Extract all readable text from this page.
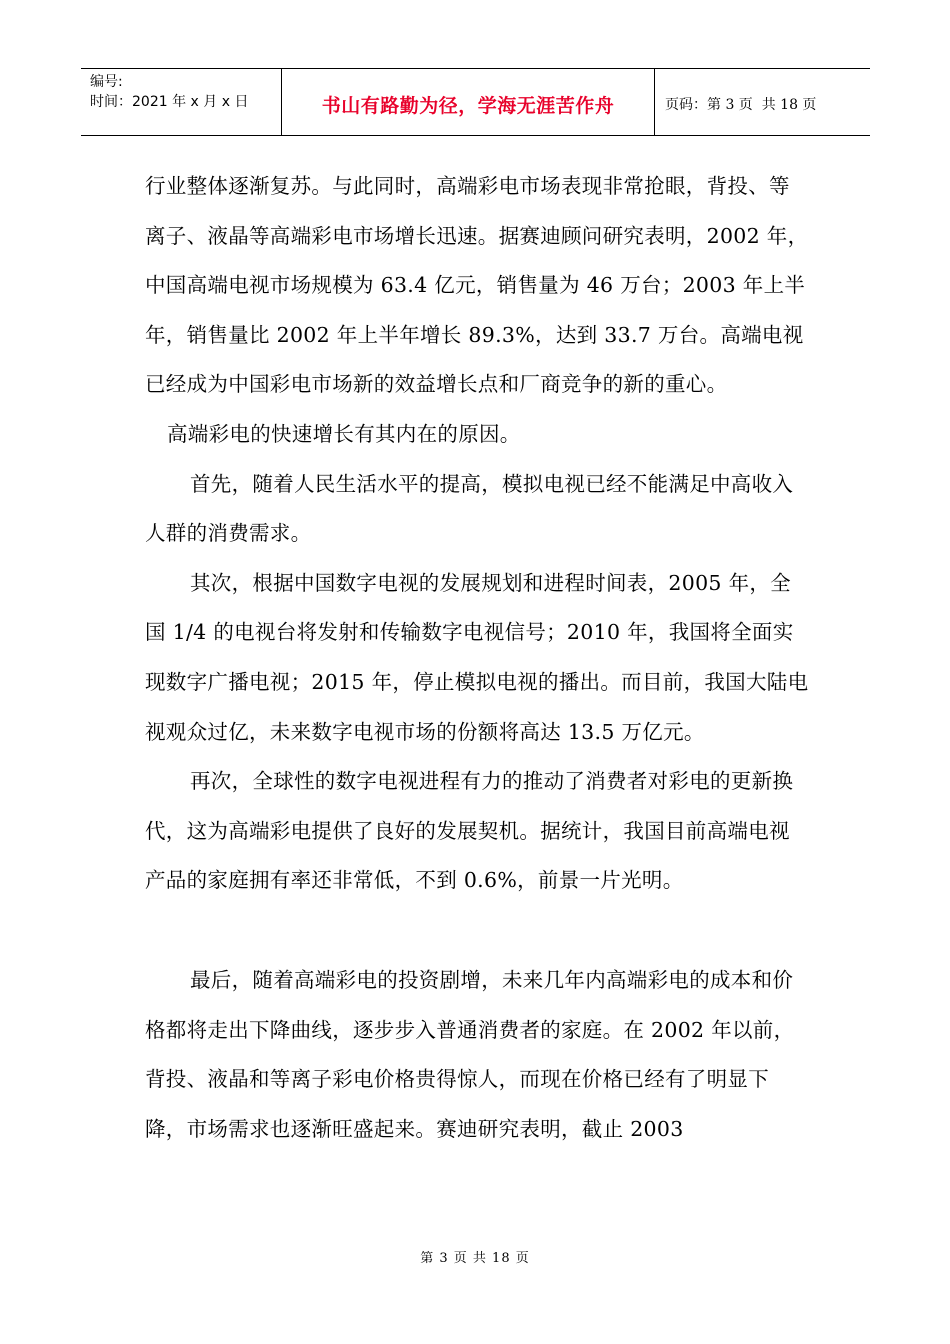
编号:
时间：2021 年 x 月 x 日	书山有路勤为径，学海无涯苦作舟	页码：第 3 页  共 18 页

行业整体逐渐复苏。与此同时，高端彩电市场表现非常抢眼，背投、等离子、液晶等高端彩电市场增长迅速。据赛迪顾问研究表明，2002 年，中国高端电视市场规模为 63.4 亿元，销售量为 46 万台；2003 年上半年，销售量比 2002 年上半年增长 89.3%，达到 33.7 万台。高端电视已经成为中国彩电市场新的效益增长点和厂商竞争的新的重心。

高端彩电的快速增长有其内在的原因。

首先，随着人民生活水平的提高，模拟电视已经不能满足中高收入人群的消费需求。

其次，根据中国数字电视的发展规划和进程时间表，2005 年，全国 1/4 的电视台将发射和传输数字电视信号；2010 年，我国将全面实现数字广播电视；2015 年，停止模拟电视的播出。而目前，我国大陆电视观众过亿，未来数字电视市场的份额将高达 13.5 万亿元。

再次，全球性的数字电视进程有力的推动了消费者对彩电的更新换代，这为高端彩电提供了良好的发展契机。据统计，我国目前高端电视产品的家庭拥有率还非常低，不到 0.6%，前景一片光明。

最后，随着高端彩电的投资剧增，未来几年内高端彩电的成本和价格都将走出下降曲线，逐步步入普通消费者的家庭。在 2002 年以前，背投、液晶和等离子彩电价格贵得惊人，而现在价格已经有了明显下降，市场需求也逐渐旺盛起来。赛迪研究表明，截止 2003

第 3 页 共 18 页
